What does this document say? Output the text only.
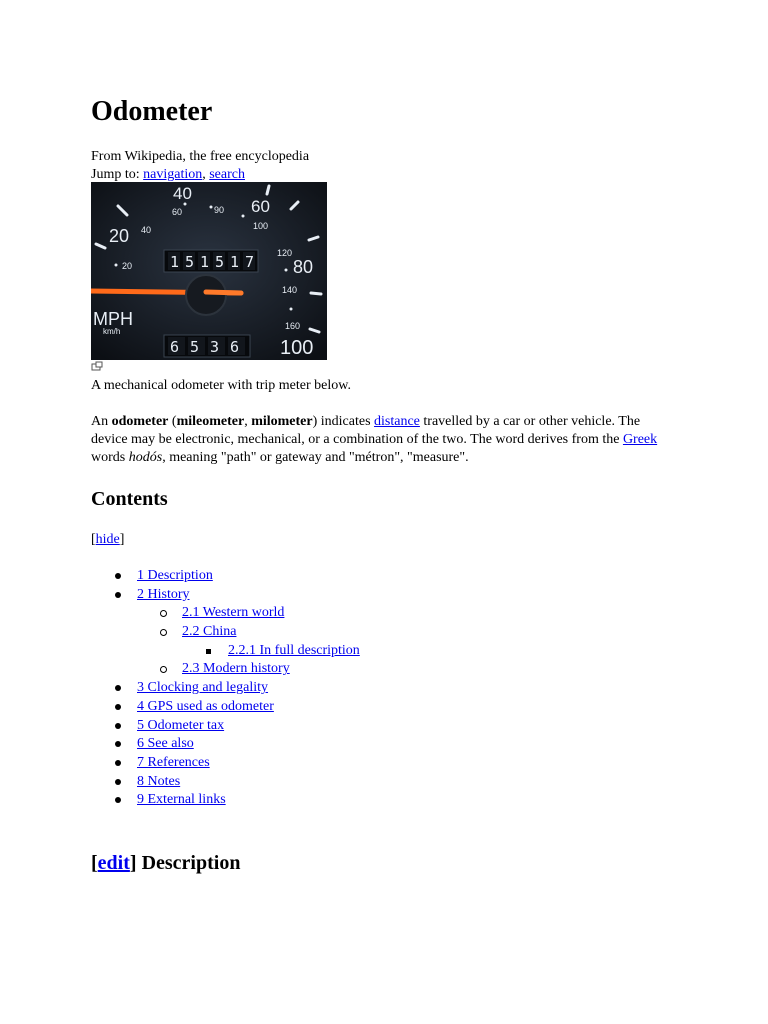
Odometer
From Wikipedia, the free encyclopedia
Jump to: navigation, search
40
60	90 60
100
20 40
20
120
80
140
160
100
MPH
km/h
1 5 1 5 1 7
6 5 3 6
A mechanical odometer with trip meter below.

An odometer (mileometer, milometer) indicates distance travelled by a car or other vehicle. The device may be electronic, mechanical, or a combination of the two. The word derives from the Greek words hodós, meaning "path" or gateway and "métron", "measure".

Contents
[hide]
1 Description
2 History
2.1 Western world
2.2 China
2.2.1 In full description
2.3 Modern history
3 Clocking and legality
4 GPS used as odometer
5 Odometer tax
6 See also
7 References
8 Notes
9 External links
[edit] Description
